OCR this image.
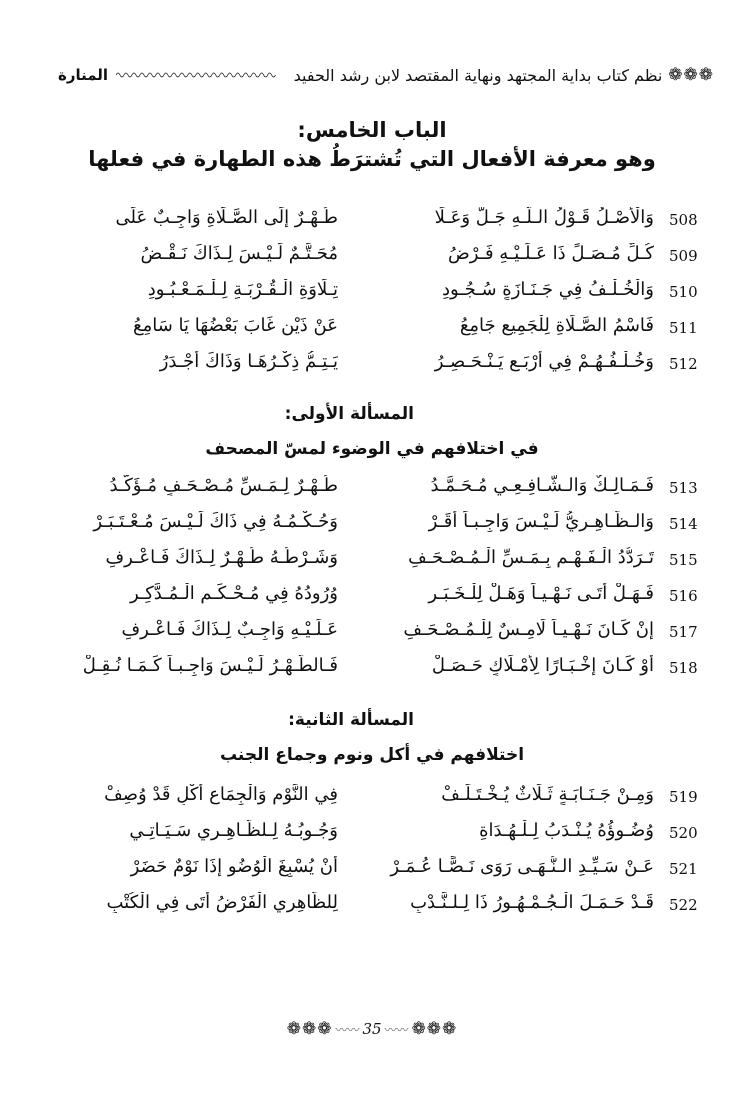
❁❁❁
نظم كتاب بداية المجتهد ونهاية المقتصد لابن رشد الحفيد
المنارة
الباب الخامس:
وهو معرفة الأفعال التي تُشترَطُ هذه الطهارة في فعلها
508
وَالْأَصْـلُ قَـوْلُ الـلَّـهِ جَـلَّ وَعَـلَا
طُـهْـرٌ إِلَى الصَّـلَاةِ وَاجِـبٌ عَلَى
509
كُـلِّ مُـصَـلٍّ ذَا عَـلَـيْـهِ فَـرْضُ
مُحَـتَّـمٌ لَـيْـسَ لِـذَاكَ نَـقْـضُ
510
وَالْخُـلْـفُ فِي جَـنَـازَةٍ سُـجُـودِ
تِـلَاوَةِ الْـقُـرْبَـةِ لِـلْـمَـعْـبُـودِ
511
فَاسْمُ الصَّـلَاةِ لِلْجَمِيعِ جَامِعُ
عَنْ ذَيْنِ غَابَ بَعْضُهَا يَا سَامِعُ
512
وَخُـلْـفُـهُـمْ فِي أَرْبَـعٍ يَـنْـحَـصِـرُ
يَـتِـمُّ ذِكْـرُهَـا وَذَاكَ أَجْـدَرُ
المسألة الأولى:
في اختلافهم في الوضوء لمسّ المصحف
513
فَـمَـالِـكٌ وَالـشَّـافِـعِـي مُـحَـمَّـدُ
طُـهْـرٌ لِـمَـسِّ مُـصْـحَـفٍ مُـؤَكَّـدُ
514
وَالـظَّـاهِـرِيُّ لَـيْـسَ وَاجِـبـاً أَقَـرْ
وَحُـكْـمُـهُ فِي ذَاكَ لَـيْـسَ مُـعْـتَـبَـرْ
515
تَـرَدُّدُ الْـفَـهْـمِ بِـمَـسِّ الْـمُـصْـحَـفِ
وَشَـرْطُـهُ طُـهْـرٌ لِـذَاكَ فَـاعْـرِفِ
516
فَـهَـلْ أَتَـى نَـهْـيـاً وَهَـلْ لِلْـخَـبَـرِ
وُرُودُهُ فِي مُـحْـكَـمِ الْـمُـدَّكِـرِ
517
إِنْ كَـانَ نَـهْـيـاً لَامِـسٌ لِلْـمُـصْـحَـفِ
عَـلَـيْـهِ وَاجِـبٌ لِـذَاكَ فَـاعْـرِفِ
518
أَوْ كَـانَ إِخْـبَـارًا لِأَمْـلَاكٍ حَـصَـلْ
فَـالطُّـهْـرُ لَـيْـسَ وَاجِـبـاً كَـمَـا نُـقِـلْ
المسألة الثانية:
اختلافهم في أكل ونوم وجماع الجنب
519
وَمِـنْ جَـنَـابَـةٍ ثَـلَاثٌ يُـخْـتَـلَـفْ
فِي النَّوْمِ وَالْجِمَاعِ أَكْلٍ قَدْ وُصِفْ
520
وُضُـوؤُهُ يُـنْـدَبُ لِـلْـهُـدَاةِ
وَجُـوبُـهُ لِـلظَّـاهِـرِي سَـيَـاتِـي
521
عَـنْ سَـيِّـدِ الـنُّـهَـى رَوَى نَـصًّـا عُـمَـرْ
أَنْ يُسْبِغَ الْوُضُو إِذَا نَوْمٌ حَضَرْ
522
قَـدْ حَـمَـلَ الْـجُـمْـهُـورُ ذَا لِـلـنَّـدْبِ
لِلظَّاهِرِي الْفَرْضُ أَتَى فِي الْكُتْبِ
❁❁❁ 〰〰 35 〰〰 ❁❁❁
